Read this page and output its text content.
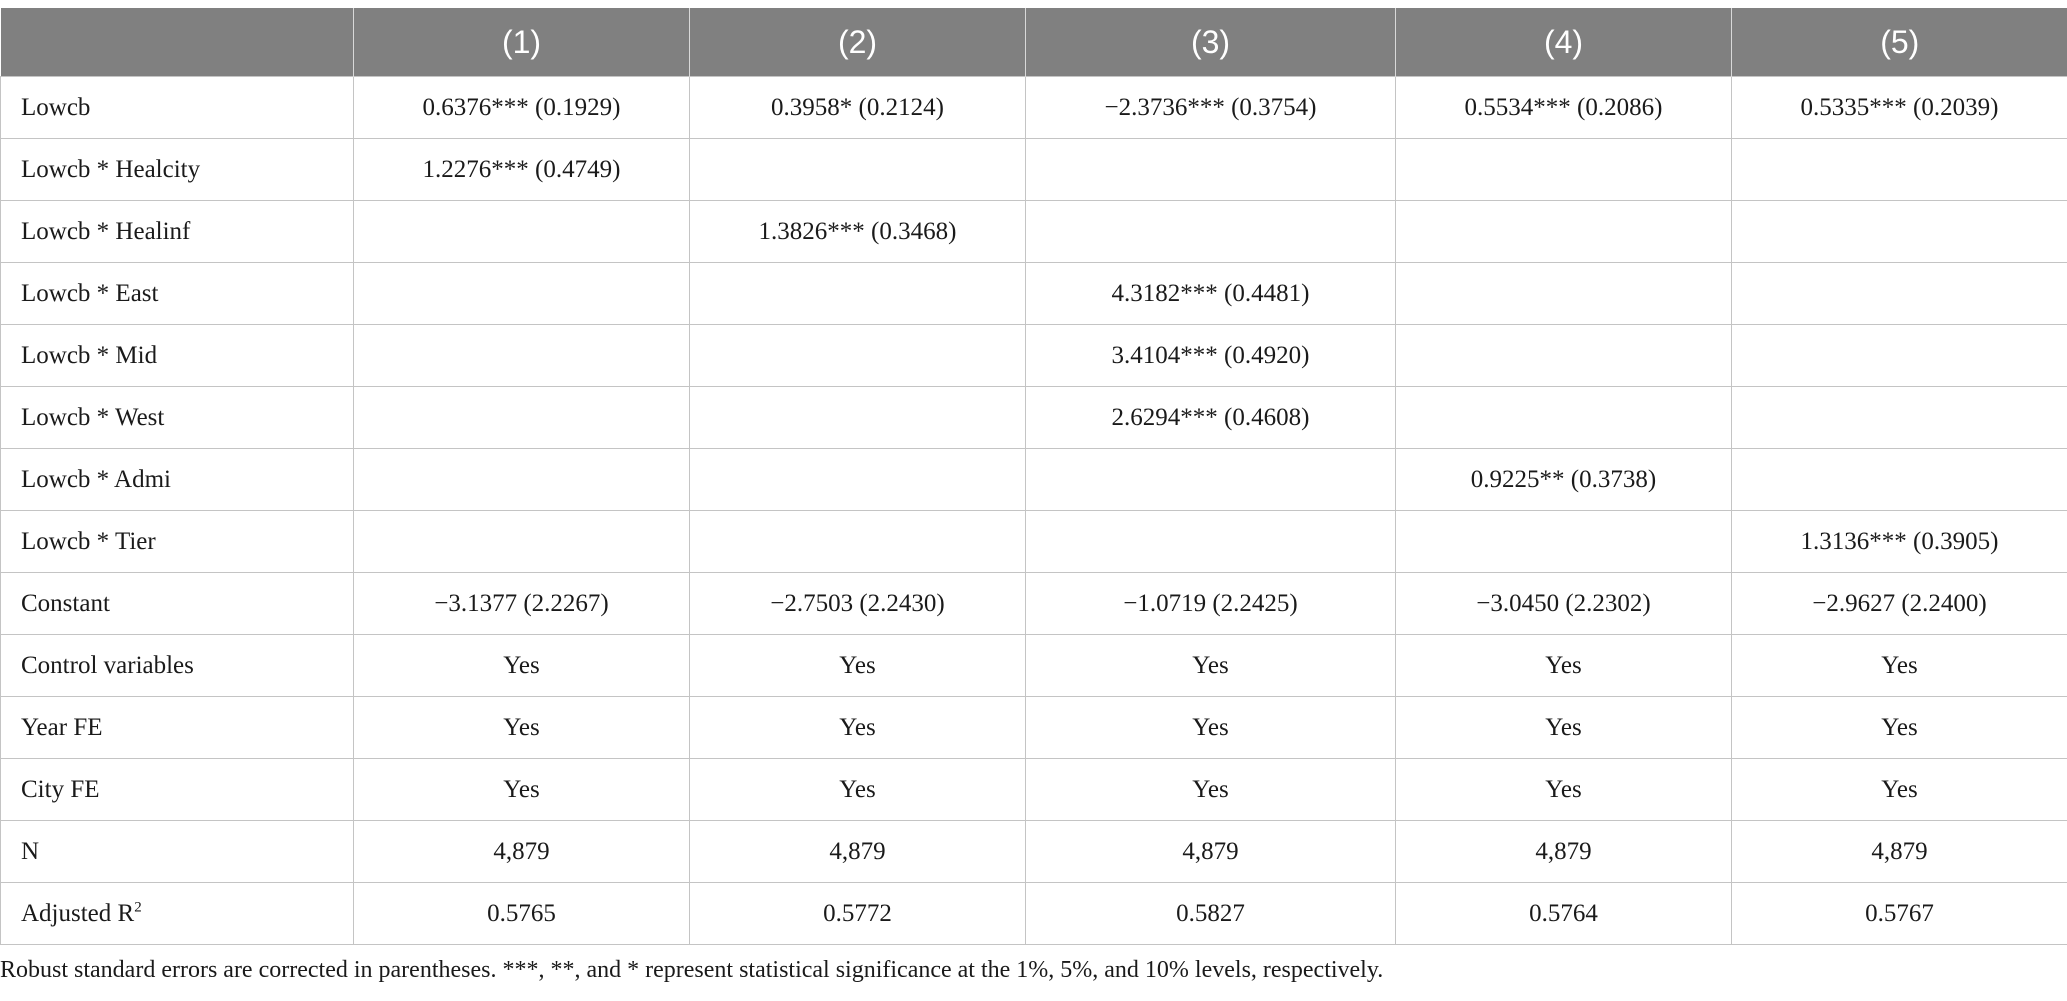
	(1)	(2)	(3)	(4)	(5)
Lowcb	0.6376*** (0.1929)	0.3958* (0.2124)	−2.3736*** (0.3754)	0.5534*** (0.2086)	0.5335*** (0.2039)
Lowcb * Healcity	1.2276*** (0.4749)				
Lowcb * Healinf		1.3826*** (0.3468)			
Lowcb * East			4.3182*** (0.4481)		
Lowcb * Mid			3.4104*** (0.4920)		
Lowcb * West			2.6294*** (0.4608)		
Lowcb * Admi				0.9225** (0.3738)	
Lowcb * Tier					1.3136*** (0.3905)
Constant	−3.1377 (2.2267)	−2.7503 (2.2430)	−1.0719 (2.2425)	−3.0450 (2.2302)	−2.9627 (2.2400)
Control variables	Yes	Yes	Yes	Yes	Yes
Year FE	Yes	Yes	Yes	Yes	Yes
City FE	Yes	Yes	Yes	Yes	Yes
N	4,879	4,879	4,879	4,879	4,879
Adjusted $R^2$	0.5765	0.5772	0.5827	0.5764	0.5767
Robust standard errors are corrected in parentheses. ***, **, and * represent statistical significance at the 1%, 5%, and 10% levels, respectively.
